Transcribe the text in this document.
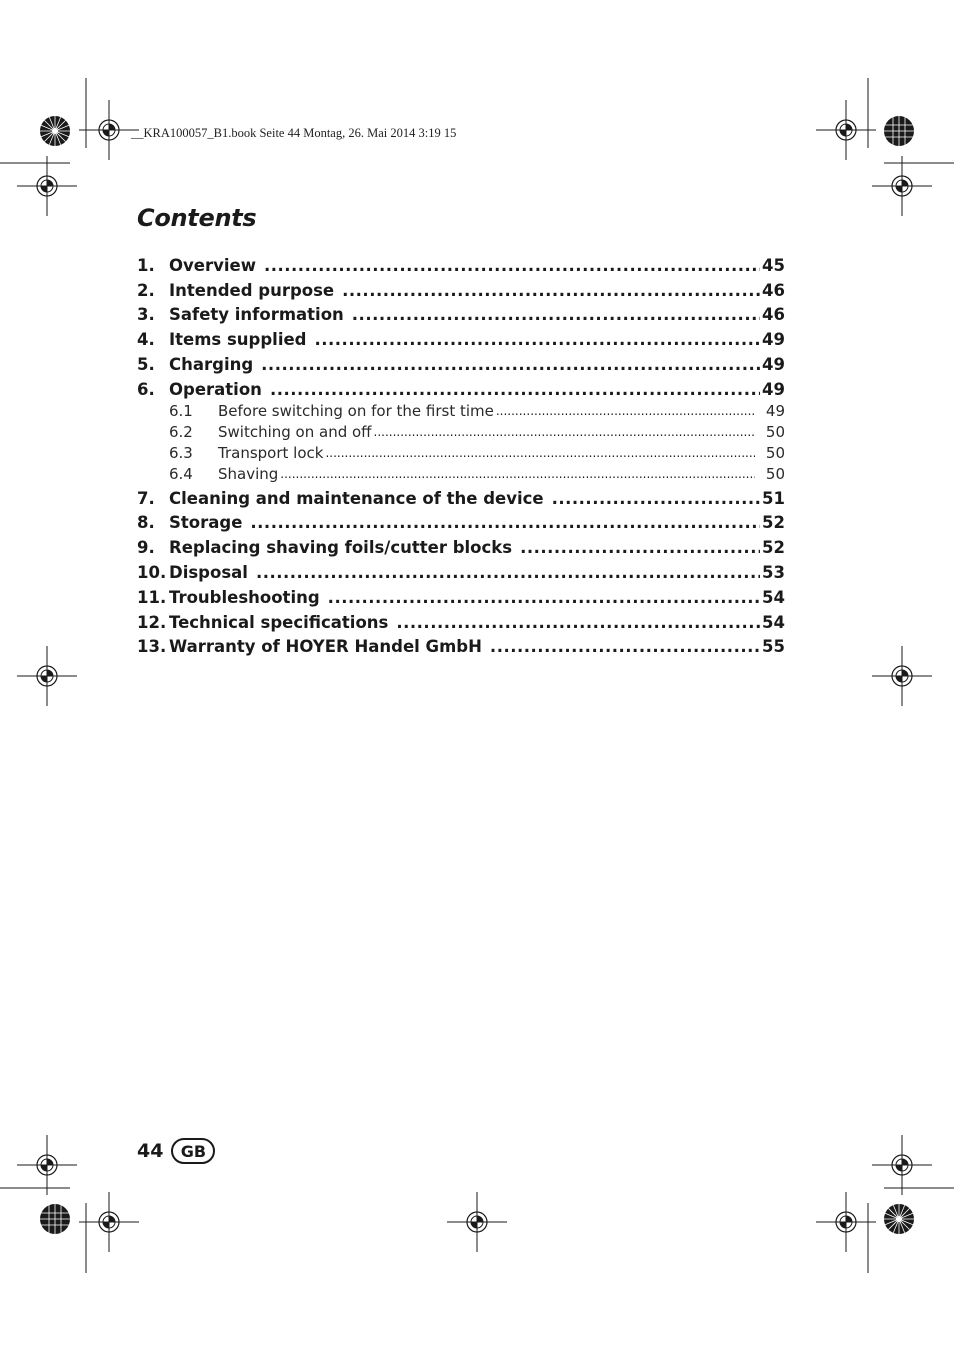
__KRA100057_B1.book Seite 44 Montag, 26. Mai 2014 3:19 15
Contents
1. Overview .....	45
2. Intended purpose .....	46
3. Safety information .....	46
4. Items supplied .....	49
5. Charging .....	49
6. Operation .....	49
6.1	Before switching on for the first time .....	49
6.2	Switching on and off .....	50
6.3	Transport lock .....	50
6.4	Shaving .....	50
7. Cleaning and maintenance of the device .....	51
8. Storage .....	52
9. Replacing shaving foils/cutter blocks .....	52
10. Disposal .....	53
11. Troubleshooting .....	54
12. Technical specifications .....	54
13. Warranty of HOYER Handel GmbH .....	55
44	GB
